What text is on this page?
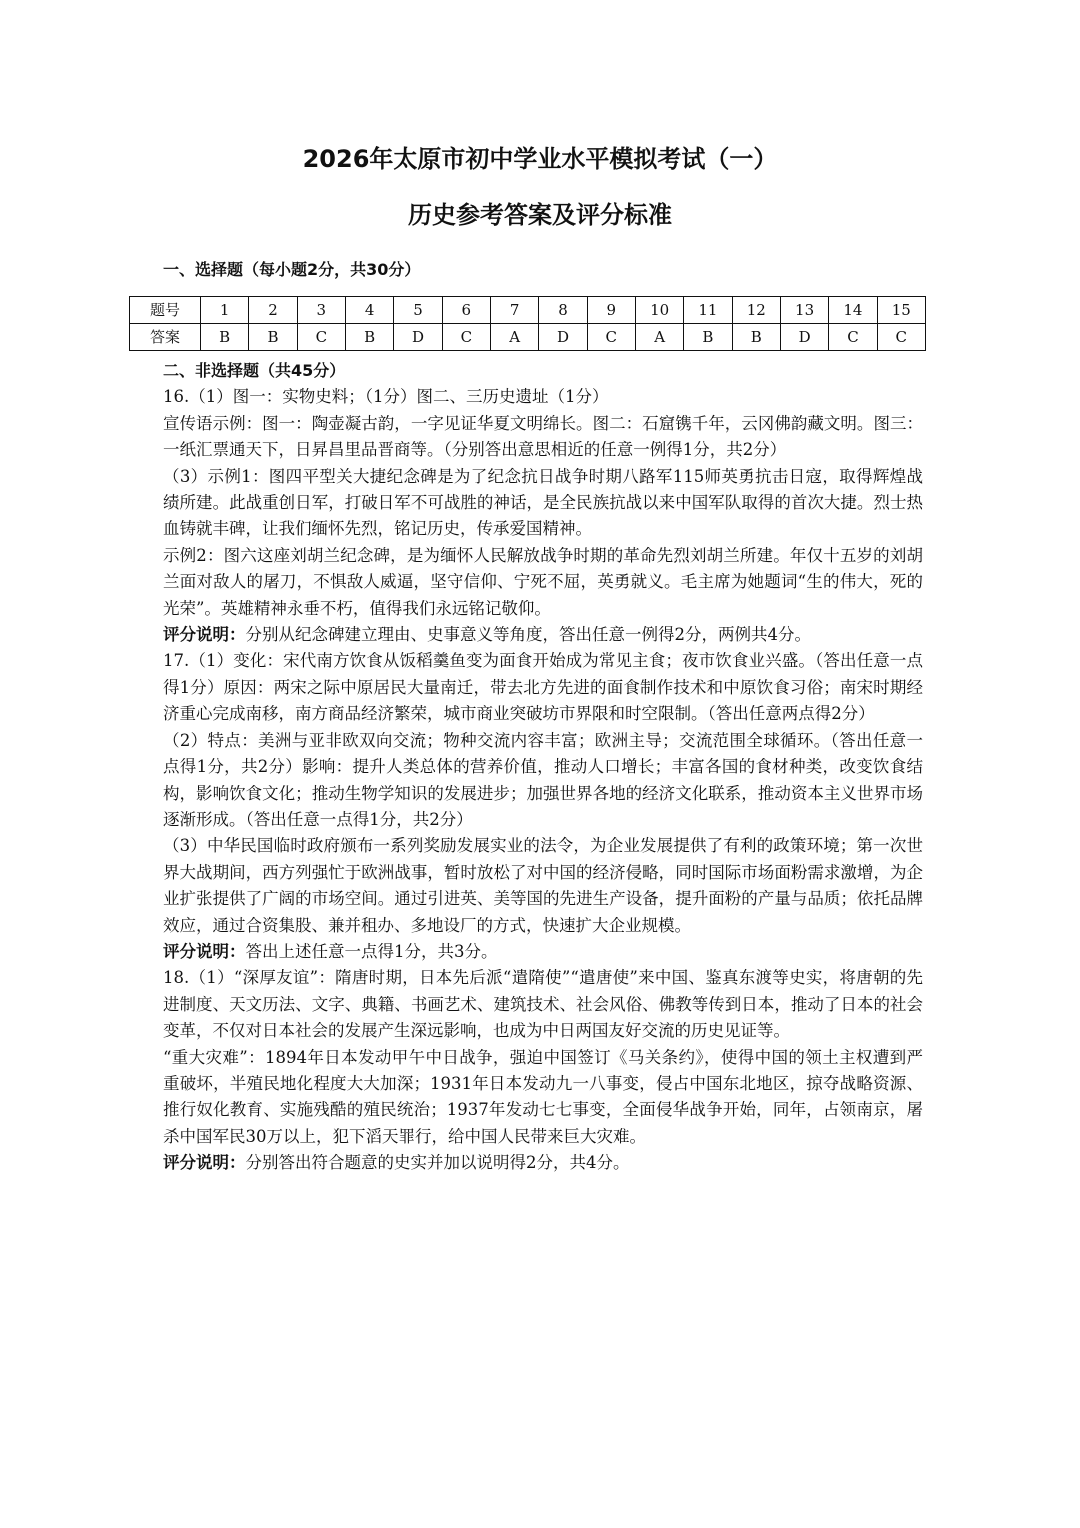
2026年太原市初中学业水平模拟考试（一）
历史参考答案及评分标准
一、选择题（每小题2分，共30分）
题号	1	2	3	4	5	6	7	8	9	10	11	12	13	14	15
答案	B	B	C	B	D	C	A	D	C	A	B	B	D	C	C

二、非选择题（共45分）

16.（1）图一：实物史料；（1分）图二、三历史遗址（1分）

宣传语示例：图一：陶壶凝古韵，一字见证华夏文明绵长。图二：石窟镌千年，云冈佛韵藏文明。图三：一纸汇票通天下，日昇昌里品晋商等。（分别答出意思相近的任意一例得1分，共2分）

（3）示例1：图四平型关大捷纪念碑是为了纪念抗日战争时期八路军115师英勇抗击日寇，取得辉煌战绩所建。此战重创日军，打破日军不可战胜的神话，是全民族抗战以来中国军队取得的首次大捷。烈士热血铸就丰碑，让我们缅怀先烈，铭记历史，传承爱国精神。

示例2：图六这座刘胡兰纪念碑，是为缅怀人民解放战争时期的革命先烈刘胡兰所建。年仅十五岁的刘胡兰面对敌人的屠刀，不惧敌人威逼，坚守信仰、宁死不屈，英勇就义。毛主席为她题词“生的伟大，死的光荣”。英雄精神永垂不朽，值得我们永远铭记敬仰。

评分说明：分别从纪念碑建立理由、史事意义等角度，答出任意一例得2分，两例共4分。

17.（1）变化：宋代南方饮食从饭稻羹鱼变为面食开始成为常见主食；夜市饮食业兴盛。（答出任意一点得1分）原因：两宋之际中原居民大量南迁，带去北方先进的面食制作技术和中原饮食习俗；南宋时期经济重心完成南移，南方商品经济繁荣，城市商业突破坊市界限和时空限制。（答出任意两点得2分）

（2）特点：美洲与亚非欧双向交流；物种交流内容丰富；欧洲主导；交流范围全球循环。（答出任意一点得1分，共2分）影响：提升人类总体的营养价值，推动人口增长；丰富各国的食材种类，改变饮食结构，影响饮食文化；推动生物学知识的发展进步；加强世界各地的经济文化联系，推动资本主义世界市场逐渐形成。（答出任意一点得1分，共2分）

（3）中华民国临时政府颁布一系列奖励发展实业的法令，为企业发展提供了有利的政策环境；第一次世界大战期间，西方列强忙于欧洲战事，暂时放松了对中国的经济侵略，同时国际市场面粉需求激增，为企业扩张提供了广阔的市场空间。通过引进英、美等国的先进生产设备，提升面粉的产量与品质；依托品牌效应，通过合资集股、兼并租办、多地设厂的方式，快速扩大企业规模。

评分说明：答出上述任意一点得1分，共3分。

18.（1）“深厚友谊”：隋唐时期，日本先后派“遣隋使”“遣唐使”来中国、鉴真东渡等史实，将唐朝的先进制度、天文历法、文字、典籍、书画艺术、建筑技术、社会风俗、佛教等传到日本，推动了日本的社会变革，不仅对日本社会的发展产生深远影响，也成为中日两国友好交流的历史见证等。

“重大灾难”：1894年日本发动甲午中日战争，强迫中国签订《马关条约》，使得中国的领土主权遭到严重破坏，半殖民地化程度大大加深；1931年日本发动九一八事变，侵占中国东北地区，掠夺战略资源、推行奴化教育、实施残酷的殖民统治；1937年发动七七事变，全面侵华战争开始，同年，占领南京，屠杀中国军民30万以上，犯下滔天罪行，给中国人民带来巨大灾难。

评分说明：分别答出符合题意的史实并加以说明得2分，共4分。
